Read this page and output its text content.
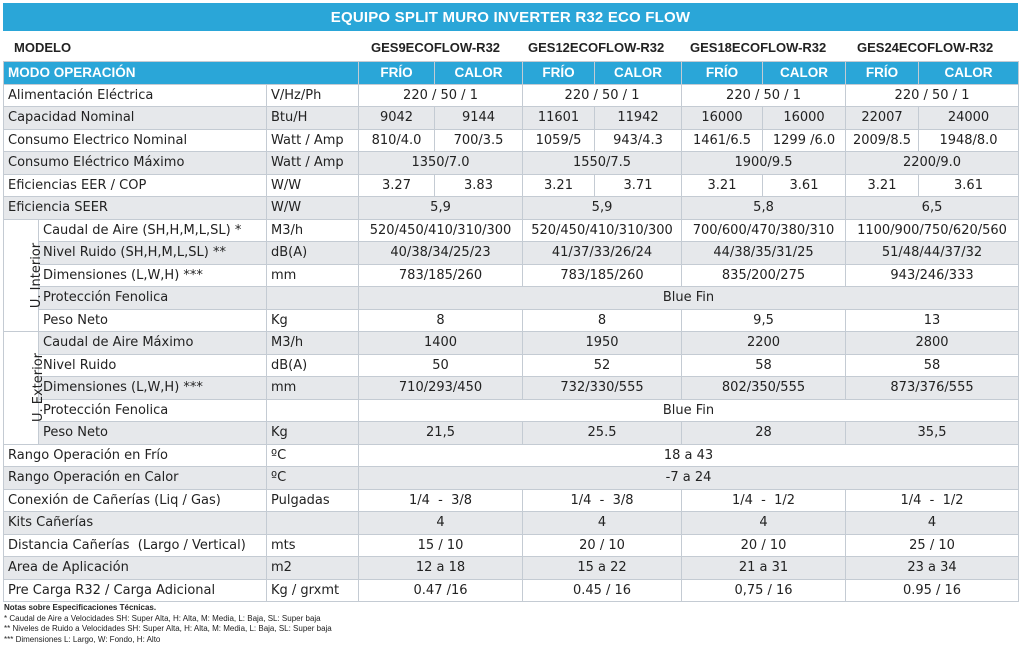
EQUIPO SPLIT MURO INVERTER R32 ECO FLOW
MODELO	GES9ECOFLOW-R32 GES12ECOFLOW-R32 GES18ECOFLOW-R32 GES24ECOFLOW-R32
MODO OPERACIÓN			FRÍO	CALOR	FRÍO	CALOR	FRÍO	CALOR	FRÍO	CALOR
Alimentación Eléctrica		V/Hz/Ph	220 / 50 / 1		220 / 50 / 1		220 / 50 / 1		220 / 50 / 1	
Capacidad Nominal		Btu/H	9042	9144	11601	11942	16000	16000	22007	24000
Consumo Electrico Nominal		Watt / Amp	810/4.0	700/3.5	1059/5	943/4.3	1461/6.5	1299 /6.0	2009/8.5	1948/8.0
Consumo Eléctrico Máximo		Watt / Amp	1350/7.0		1550/7.5		1900/9.5		2200/9.0	
Eficiencias EER / COP		W/W	3.27	3.83	3.21	3.71	3.21	3.61	3.21	3.61
Eficiencia SEER		W/W	5,9		5,9		5,8		6,5	
U. Interior	Caudal de Aire (SH,H,M,L,SL) *	M3/h	520/450/410/310/300		520/450/410/310/300		700/600/470/380/310		1100/900/750/620/560	
	Nivel Ruido (SH,H,M,L,SL) **	dB(A)	40/38/34/25/23		41/37/33/26/24		44/38/35/31/25		51/48/44/37/32	
	Dimensiones (L,W,H) ***	mm	783/185/260		783/185/260		835/200/275		943/246/333	
	Protección Fenolica		Blue Fin							
	Peso Neto	Kg	8		8		9,5		13	
U. Exterior	Caudal de Aire Máximo	M3/h	1400		1950		2200		2800	
	Nivel Ruido	dB(A)	50		52		58		58	
	Dimensiones (L,W,H) ***	mm	710/293/450		732/330/555		802/350/555		873/376/555	
	Protección Fenolica		Blue Fin							
	Peso Neto	Kg	21,5		25.5		28		35,5	
Rango Operación en Frío		ºC	18 a 43							
Rango Operación en Calor		ºC	-7 a 24							
Conexión de Cañerías (Liq / Gas)		Pulgadas	1/4  -  3/8		1/4  -  3/8		1/4  -  1/2		1/4  -  1/2	
Kits Cañerías			4		4		4		4	
Distancia Cañerías  (Largo / Vertical)		mts	15 / 10		20 / 10		20 / 10		25 / 10	
Area de Aplicación		m2	12 a 18		15 a 22		21 a 31		23 a 34	
Pre Carga R32 / Carga Adicional		Kg / grxmt	0.47 /16		0.45 / 16		0,75 / 16		0.95 / 16	
Notas sobre Especificaciones Técnicas.
* Caudal de Aire a Velocidades SH: Super Alta, H: Alta, M: Media, L: Baja, SL: Super baja
** Niveles de Ruido a Velocidades SH: Super Alta, H: Alta, M: Media, L: Baja, SL: Super baja
*** Dimensiones L: Largo, W: Fondo, H: Alto
